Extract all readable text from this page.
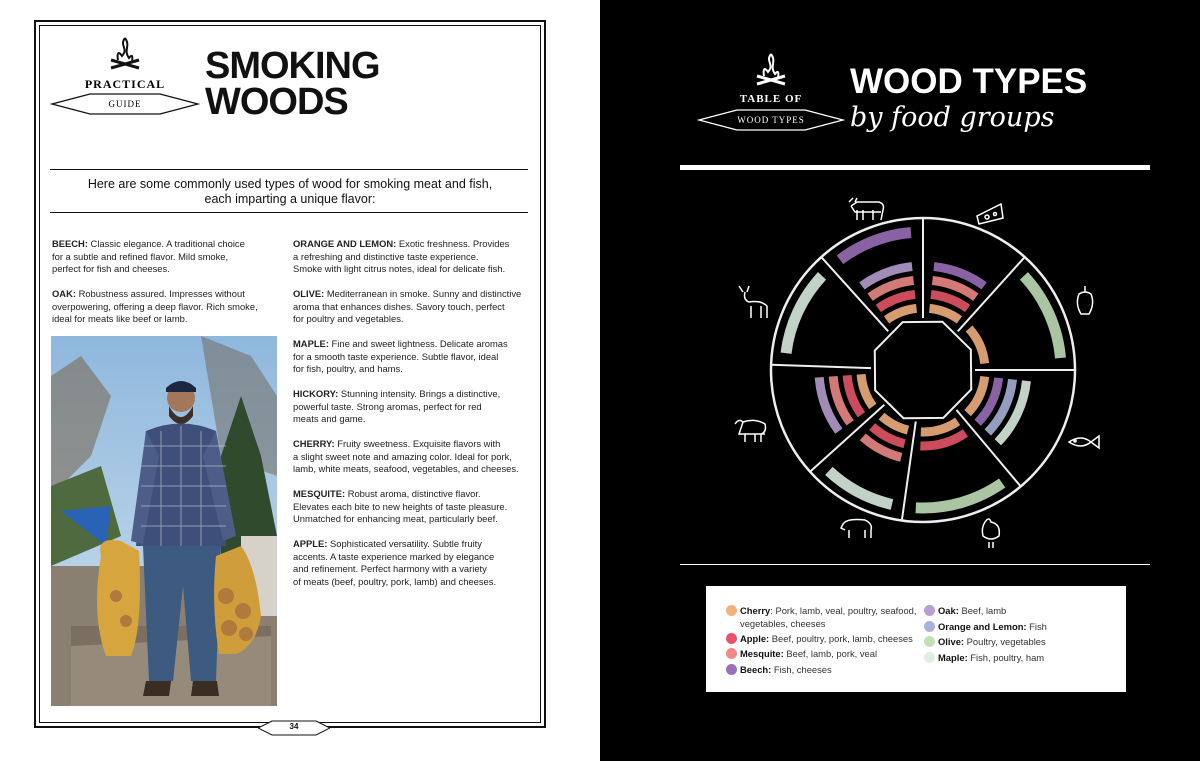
PRACTICAL
GUIDE
SMOKING
WOODS
Here are some commonly used types of wood for smoking meat and fish,
each imparting a unique flavor:
BEECH: Classic elegance. A traditional choice
for a subtle and refined flavor. Mild smoke,
perfect for fish and cheeses.
OAK: Robustness assured. Impresses without
overpowering, offering a deep flavor. Rich smoke,
ideal for meats like beef or lamb.
ORANGE AND LEMON: Exotic freshness. Provides
a refreshing and distinctive taste experience.
Smoke with light citrus notes, ideal for delicate fish.
OLIVE: Mediterranean in smoke. Sunny and distinctive
aroma that enhances dishes. Savory touch, perfect
for poultry and vegetables.
MAPLE: Fine and sweet lightness. Delicate aromas
for a smooth taste experience. Subtle flavor, ideal
for fish, poultry, and hams.
HICKORY: Stunning intensity. Brings a distinctive,
powerful taste. Strong aromas, perfect for red
meats and game.
CHERRY: Fruity sweetness. Exquisite flavors with
a slight sweet note and amazing color. Ideal for pork,
lamb, white meats, seafood, vegetables, and cheeses.
MESQUITE: Robust aroma, distinctive flavor.
Elevates each bite to new heights of taste pleasure.
Unmatched for enhancing meat, particularly beef.
APPLE: Sophisticated versatility. Subtle fruity
accents. A taste experience marked by elegance
and refinement. Perfect harmony with a variety
of meats (beef, poultry, pork, lamb) and cheeses.
34
TABLE OF
WOOD TYPES
WOOD TYPES
by food groups
Cherry: Pork, lamb, veal, poultry, seafood,
vegetables, cheeses
Apple: Beef, poultry, pork, lamb, cheeses
Mesquite: Beef, lamb, pork, veal
Beech: Fish, cheeses
Oak: Beef, lamb
Orange and Lemon: Fish
Olive: Poultry, vegetables
Maple: Fish, poultry, ham
